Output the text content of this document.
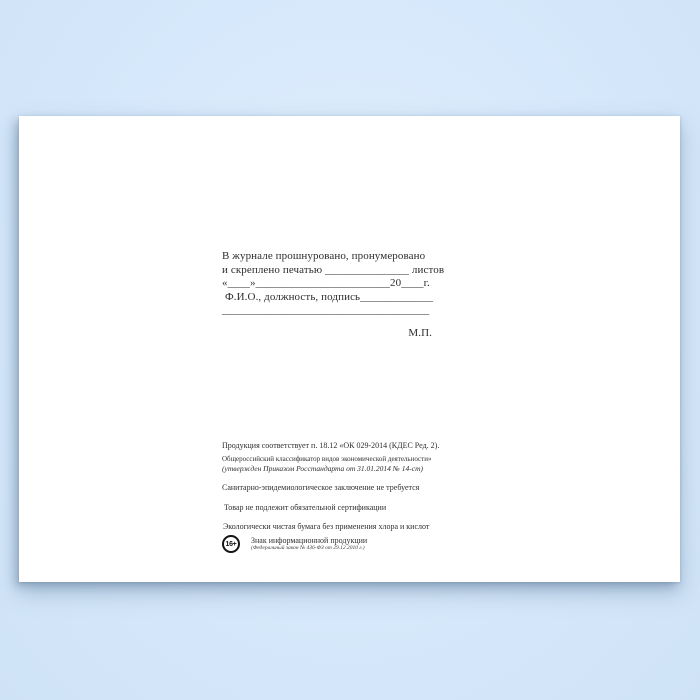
В журнале прошнуровано, пронумеровано
и скреплено печатью _______________ листов
«____»________________________20____г.
Ф.И.О., должность, подпись_____________
_____________________________________
М.П.
Продукция соответствует п. 18.12 «ОК 029-2014 (КДЕС Ред. 2).
Общероссийский классификатор видов экономической деятельности»
(утвержден Приказом Росстандарта от 31.01.2014 № 14-ст)
Санитарно-эпидемиологическое заключение не требуется
Товар не подлежит обязательной сертификации
Экологически чистая бумага без применения хлора и кислот
16+	Знак информационной продукции
(Федеральный закон № 436-ФЗ от 29.12.2010 г.)
